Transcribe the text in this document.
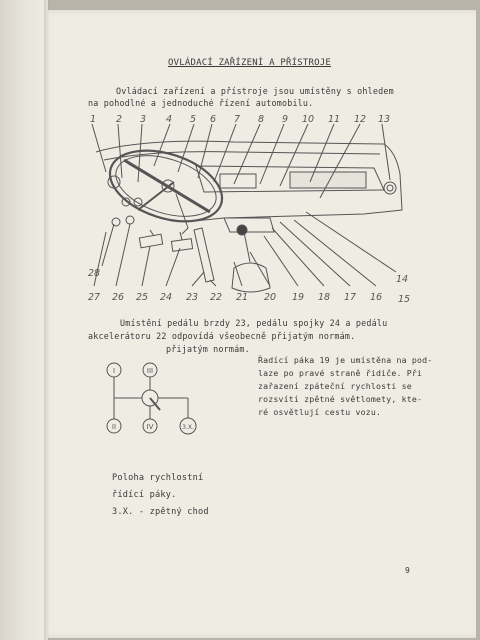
OVLÁDACÍ ZAŘÍZENÍ A PŘÍSTROJE
Ovládací zařízení a přístroje jsou umístěny s ohledem
na pohodlné a jednoduché řízení automobilu.
1 2 3 4 5 6 7 8 9 10 11 12 13
14
15
16
17
18
19
20
21
22
23
24
25
26
27
28
Umístění pedálu brzdy 23, pedálu spojky 24 a pedálu
akcelerátoru 22 odpovídá všeobecně přijatým normám.
přijatým normám.
I	III
II	IV	3.X.
Řadící páka 19 je umístěna na pod-
laze po pravé straně řidiče. Při
zařazení zpáteční rychlosti se
rozsvítí zpětné světlomety, kte-
ré osvětlují cestu vozu.
Poloha rychlostní
řídící páky.
3.X. - zpětný chod
9
